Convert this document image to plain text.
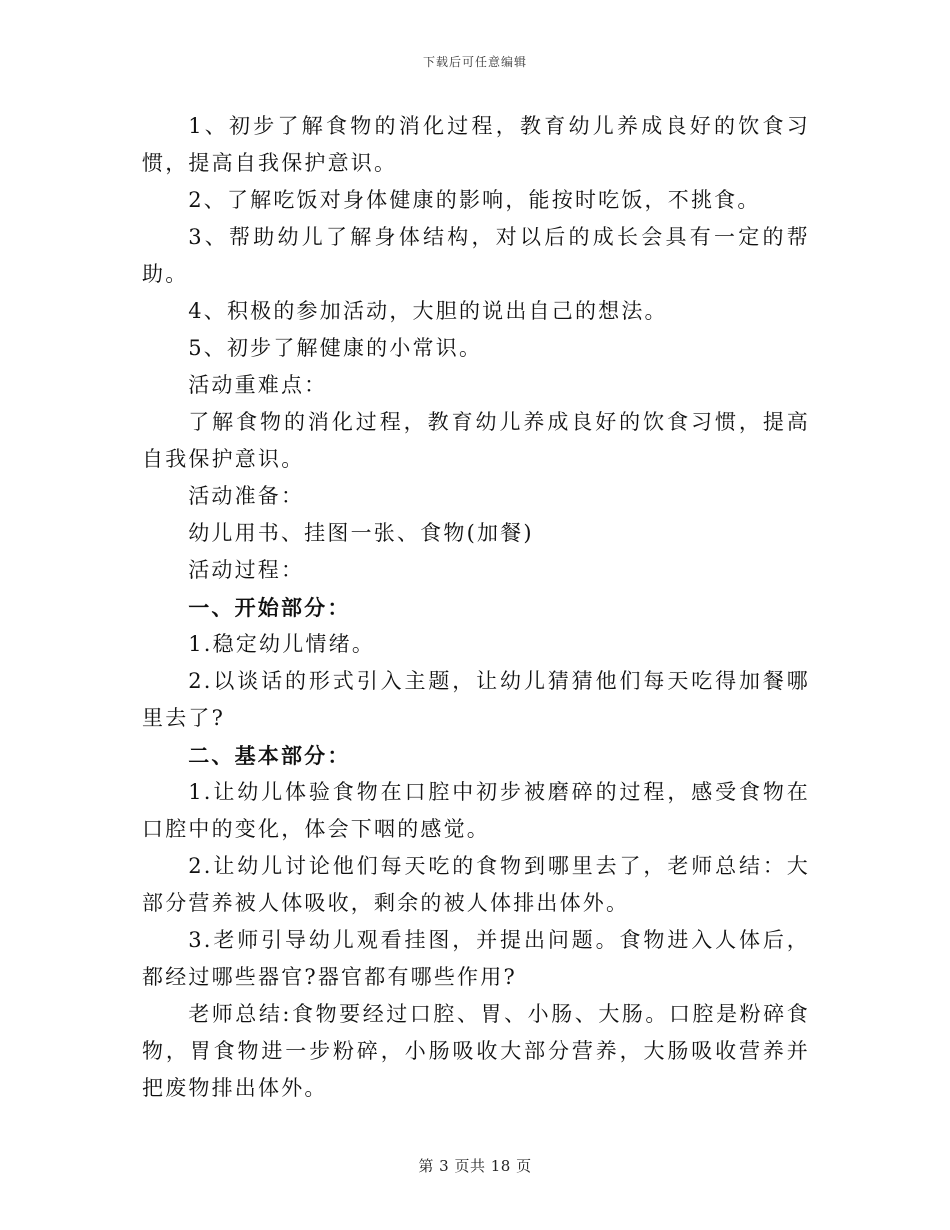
下载后可任意编辑

1、初步了解食物的消化过程，教育幼儿养成良好的饮食习惯，提高自我保护意识。

2、了解吃饭对身体健康的影响，能按时吃饭，不挑食。

3、帮助幼儿了解身体结构，对以后的成长会具有一定的帮助。

4、积极的参加活动，大胆的说出自己的想法。

5、初步了解健康的小常识。

活动重难点：

了解食物的消化过程，教育幼儿养成良好的饮食习惯，提高自我保护意识。

活动准备：

幼儿用书、挂图一张、食物(加餐)

活动过程：

一、开始部分：

1.稳定幼儿情绪。

2.以谈话的形式引入主题，让幼儿猜猜他们每天吃得加餐哪里去了?

二、基本部分：

1.让幼儿体验食物在口腔中初步被磨碎的过程，感受食物在口腔中的变化，体会下咽的感觉。

2.让幼儿讨论他们每天吃的食物到哪里去了，老师总结：大部分营养被人体吸收，剩余的被人体排出体外。

3.老师引导幼儿观看挂图，并提出问题。食物进入人体后，都经过哪些器官?器官都有哪些作用?

老师总结:食物要经过口腔、胃、小肠、大肠。口腔是粉碎食物，胃食物进一步粉碎，小肠吸收大部分营养，大肠吸收营养并把废物排出体外。

第 3 页共 18 页
